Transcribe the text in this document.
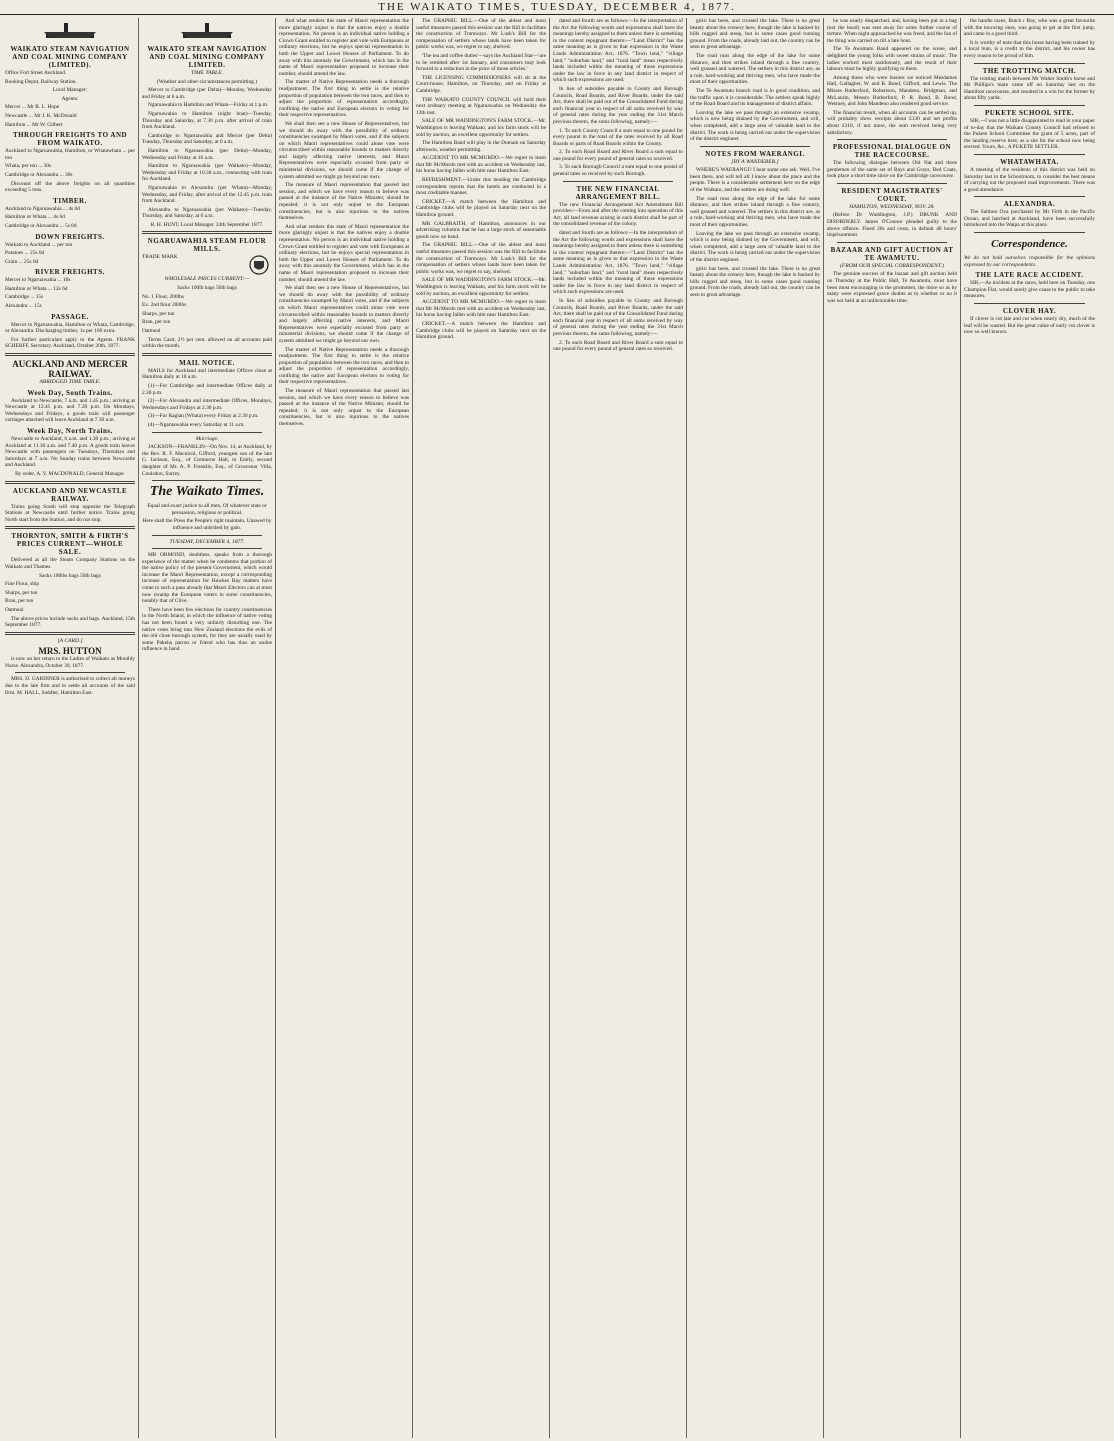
THE WAIKATO TIMES, TUESDAY, DECEMBER 4, 1877.
WAIKATO STEAM NAVIGATION AND COAL MINING COMPANY (LIMITED).

Office Fort Street Auckland.

Booking Depot, Railway Station.

Local Manager:

Agents:

Mercer ... Mr R. L. Hope

Newcastle ... Mr J. K. McDonald

Hamilton ... Mr W. Gilbert

THROUGH FREIGHTS TO AND FROM WAIKATO.

Auckland to Ngaruawahia, Hamilton, or Whatawhata ... per ton

Whata, per ton ... 30s

Cambridge or Alexandra ... 30s

Discount off the above freights on all quantities exceeding 5 tons.

TIMBER.

Auckland to Ngaruawahia ... 4s 0d

Hamilton or Whata ... 4s 6d

Cambridge or Alexandra ... 5s 0d

DOWN FREIGHTS.

Waikato to Auckland ... per ton

Potatoes ... 25s 0d

Grain ... 25s 0d

RIVER FREIGHTS.

Mercer to Ngaruawahia ... 10s

Hamilton or Whata ... 12s 6d

Cambridge ... 15s

Alexandra ... 15s

PASSAGE.

Mercer to Ngaruawahia, Hamilton or Whata, Cambridge, or Alexandra. Discharging timber, 1s per 100 extra.

For further particulars apply to the Agents. FRANK SCHERFF, Secretary. Auckland, October 20th, 1877.

AUCKLAND AND MERCER RAILWAY.
ABRIDGED TIME TABLE.
Week Day, South Trains.

Auckland to Newcastle, 7 a.m. and 1.45 p.m.; arriving at Newcastle at 12.45 p.m. and 7.20 p.m. On Mondays, Wednesdays and Fridays, a goods train will passenger carriages attached will leave Auckland at 7.30 a.m.

Week Day, North Trains.

Newcastle to Auckland, 6 a.m. and 1.30 p.m.; arriving at Auckland at 11.30 a.m. and 7.40 p.m. A goods train leaves Newcastle with passengers on Tuesdays, Thursdays and Saturdays at 7 a.m. No Sunday trains between Newcastle and Auckland.

By order, A. Y. MACDONALD, General Manager.

AUCKLAND AND NEWCASTLE RAILWAY.

Trains going South will stop opposite the Telegraph Stations at Newcastle until further notice. Trains going North start from the Station, and do not stop.

THORNTON, SMITH & FIRTH'S PRICES CURRENT—WHOLE SALE.

Delivered at all the Steam Company Stations on the Waikato and Thames.

Sacks 100lbs bags 50lb bags

Fine Flour, ship

Sharps, per ton

Bran, per ton

Oatmeal

The above prices include sacks and bags. Auckland, 15th September 1877.

[A CARD.]
MRS. HUTTON

is now on her return to the Ladies of Waikato as Monthly Nurse. Alexandra, October 30, 1877.

MRS. D. GARDINER is authorised to collect all moneys due to the late firm and to settle all accounts of the said firm. M. HALL, Saddler, Hamilton East.

WAIKATO STEAM NAVIGATION AND COAL MINING COMPANY LIMITED.
TIME TABLE.

(Weather and other circumstances permitting.)

Mercer to Cambridge (per Delta)—Monday, Wednesday and Friday at 6 a.m.

Ngaruawahia to Hamilton and Whata—Friday at 1 p.m.

Ngaruawahia to Hamilton (night boat)—Tuesday, Thursday and Saturday, at 7.30 p.m. after arrival of train from Auckland.

Cambridge to Ngaruawahia and Mercer (per Delta) Tuesday, Thursday and Saturday, at 6 a.m.

Hamilton to Ngaruawahia (per Delta)—Monday, Wednesday and Friday at 10 a.m.

Hamilton to Ngaruawahia (per Waikato)—Monday, Wednesday and Friday at 10.30 a.m., connecting with train for Auckland.

Ngaruawahia to Alexandra (per Whata)—Monday, Wednesday, and Friday, after arrival of the 12.45 p.m. train from Auckland.

Alexandra to Ngaruawahia (per Waikato)—Tuesday, Thursday, and Saturday, at 6 a.m.

R. H. HUNT, Local Manager. 24th September 1877.

NGARUAWAHIA STEAM FLOUR MILLS.
TRADE MARK
WHOLESALE PRICES CURRENT:—

Sacks 100lb bags 50lb bags

No. 1 Flour, 200lbs

Ex. 2nd flour 200lbs

Sharps, per ton

Bran, per ton

Oatmeal

Terms Cash; 2½ per cent. allowed on all accounts paid within the month.

MAIL NOTICE.

MAILS for Auckland and intermediate Offices close at Hamilton daily at 10 a.m.

(1)—For Cambridge and intermediate Offices daily at 2.30 p.m.

(2)—For Alexandra and intermediate Offices, Mondays, Wednesdays and Fridays at 2.30 p.m.

(3)—For Raglan (Whata) every Friday at 2.30 p.m.

(4)—Ngaruawahia every Saturday at 11 a.m.

Marriage.

JACKSON—FRANKLIN—On Nov. 14, at Auckland, by the Rev. R. F. Macnicol, Gifford, youngest son of the late G. Jackson, Esq., of Cremorne Hall, to Emily, second daughter of Mr. A. P. Franklin, Esq., of Grosvenor Villa, Coulsdon, Surrey.

The Waikato Times.

Equal and exact justice to all men, Of whatever state or persuasion, religious or political.

Here shall the Press the People's right maintain, Unawed by influence and unbribed by gain.

TUESDAY, DECEMBER 4, 1877.

MR ORMOND, doubtless, speaks from a thorough experience of the matter when he condemns that portion of the native policy of the present Government, which would increase the Maori Representation, except a corresponding increase of representation for Hawkes Bay matters have come to such a pass already that Maori Electors can at most now swamp the European voters in some constituencies, notably that of Clive.

There have been few elections for country constituencies in the North Island, in which the influence of native voting has not been found a very unfairly disturbing one. The native votes bring into New Zealand elections the evils of the old close borough system, for they are usually used by some Pakeha patron or friend who has thus an undue influence in hand.

And what renders this state of Maori representation the more glaringly unjust is that the natives enjoy a double representation. No person is an individual native holding a Crown Grant entitled to register and vote with Europeans at ordinary elections, but he enjoys special representation in both the Upper and Lower Houses of Parliament. To do away with this anomaly the Government, which has in the name of Maori representation proposed to increase their number, should amend the law.

The matter of Native Representation needs a thorough readjustment. The first thing to settle is the relative proportion of population between the two races, and then to adjust the proportion of representation accordingly, confining the native and European electors to voting for their respective representatives.

We shall then see a new House of Representatives, but we should do away with the possibility of ordinary constituencies swamped by Maori votes, and if the subjects on which Maori representatives could alone vote were circumscribed within reasonable bounds to matters directly and largely affecting native interests, and Maori Representatives were especially excused from party or ministerial divisions, we should come if the change of system admitted we might go beyond our own.

The measure of Maori representation that passed last session, and which we have every reason to believe was passed at the instance of the Native Minister, should be repealed; it is not only unjust to the European constituencies, but is also injurious to the natives themselves.

And what renders this state of Maori representation the more glaringly unjust is that the natives enjoy a double representation. No person is an individual native holding a Crown Grant entitled to register and vote with Europeans at ordinary elections, but he enjoys special representation in both the Upper and Lower Houses of Parliament. To do away with this anomaly the Government, which has in the name of Maori representation proposed to increase their number, should amend the law.

We shall then see a new House of Representatives, but we should do away with the possibility of ordinary constituencies swamped by Maori votes, and if the subjects on which Maori representatives could alone vote were circumscribed within reasonable bounds to matters directly and largely affecting native interests, and Maori Representatives were especially excused from party or ministerial divisions, we should come if the change of system admitted we might go beyond our own.

The matter of Native Representation needs a thorough readjustment. The first thing to settle is the relative proportion of population between the two races, and then to adjust the proportion of representation accordingly, confining the native and European electors to voting for their respective representatives.

The measure of Maori representation that passed last session, and which we have every reason to believe was passed at the instance of the Native Minister, should be repealed; it is not only unjust to the European constituencies, but is also injurious to the natives themselves.

The GRAPHIC BILL.—One of the ablest and most useful measures passed this session was the Bill to facilitate the construction of Tramways. Mr Lusk's Bill for the compensation of settlers whose lands have been taken for public works was, we regret to say, shelved.

'The tea and coffee duties'—says the Auckland Star—'are to be remitted after 1st January, and consumers may look forward to a reduction in the price of those articles.'

THE LICENSING COMMISSIONERS will sit at the Court-house, Hamilton, on Thursday, and on Friday at Cambridge.

THE WAIKATO COUNTY COUNCIL will hold their next ordinary meeting at Ngaruawahia on Wednesday the 12th inst.

SALE OF MR WADDINGTON'S FARM STOCK.—Mr. Waddington is leaving Waikato, and his farm stock will be sold by auction, an excellent opportunity for settlers.

The Hamilton Band will play in the Domain on Saturday afternoon, weather permitting.

ACCIDENT TO MR MCMURDO.—We regret to learn that Mr McMurdo met with an accident on Wednesday last, his horse having fallen with him near Hamilton East.

REFRESHMENT.—Under this heading the Cambridge correspondent reports that the hotels are conducted in a most creditable manner.

CRICKET.—A match between the Hamilton and Cambridge clubs will be played on Saturday next on the Hamilton ground.

MR GALBRAITH, of Hamilton, announces in our advertising columns that he has a large stock of seasonable goods now on hand.

The GRAPHIC BILL.—One of the ablest and most useful measures passed this session was the Bill to facilitate the construction of Tramways. Mr Lusk's Bill for the compensation of settlers whose lands have been taken for public works was, we regret to say, shelved.

SALE OF MR WADDINGTON'S FARM STOCK.—Mr. Waddington is leaving Waikato, and his farm stock will be sold by auction, an excellent opportunity for settlers.

ACCIDENT TO MR MCMURDO.—We regret to learn that Mr McMurdo met with an accident on Wednesday last, his horse having fallen with him near Hamilton East.

CRICKET.—A match between the Hamilton and Cambridge clubs will be played on Saturday next on the Hamilton ground.

dated and fourth are as follows:—In the interpretation of the Act the following words and expressions shall have the meanings hereby assigned to them unless there is something in the context repugnant thereto:—"Land District" has the same meaning as is given to that expression in the Waste Lands Administration Act, 1876. "Town land," "village land," "suburban land," and "rural land" mean respectively lands included within the meaning of those expressions under the law in force in any land district in respect of which such expressions are used.

In lieu of subsidies payable to County and Borough Councils, Road Boards, and River Boards, under the said Act, there shall be paid out of the Consolidated Fund during each financial year in respect of all sums received by way of general rates during the year ending the 31st March previous thereto, the sums following, namely:—

1. To each County Council a sum equal to one pound for every pound in the total of the rates received by all Road Boards or parts of Road Boards within the County.

2. To each Road Board and River Board a sum equal to one pound for every pound of general rates so received.

3. To each Borough Council a sum equal to one pound of general rates so received by such Borough.

THE NEW FINANCIAL ARRANGEMENT BILL.

The new Financial Arrangement Act Amendment Bill provides:—From and after the coming into operation of this Act, all land revenue arising in each district shall be part of the consolidated revenue of the colony.

dated and fourth are as follows:—In the interpretation of the Act the following words and expressions shall have the meanings hereby assigned to them unless there is something in the context repugnant thereto:—"Land District" has the same meaning as is given to that expression in the Waste Lands Administration Act, 1876. "Town land," "village land," "suburban land," and "rural land" mean respectively lands included within the meaning of those expressions under the law in force in any land district in respect of which such expressions are used.

In lieu of subsidies payable to County and Borough Councils, Road Boards, and River Boards, under the said Act, there shall be paid out of the Consolidated Fund during each financial year in respect of all sums received by way of general rates during the year ending the 31st March previous thereto, the sums following, namely:—

2. To each Road Board and River Board a sum equal to one pound for every pound of general rates so received.

giriri has been, and crossed the lake. There is no great beauty about the scenery here, though the lake is backed by hills rugged and steep, but in some cases good running ground. From the roads, already laid out, the country can be seen to great advantage.

The road runs along the edge of the lake for some distance, and then strikes inland through a fine country, well grassed and watered. The settlers in this district are, as a rule, hard-working and thriving men, who have made the most of their opportunities.

The Te Awamutu branch road is in good condition, and the traffic upon it is considerable. The settlers speak highly of the Road Board and its management of district affairs.

Leaving the lake we pass through an extensive swamp, which is now being drained by the Government, and will, when completed, add a large area of valuable land to the district. The work is being carried out under the supervision of the district engineer.

NOTES FROM WAERANGI.
[BY A WANDERER.]

WHERE'S WAERANGI? I hear some one ask. Well, I've been there, and will tell all I know about the place and the people. There is a considerable settlement here on the edge of the Waikato, and the settlers are doing well.

The road runs along the edge of the lake for some distance, and then strikes inland through a fine country, well grassed and watered. The settlers in this district are, as a rule, hard-working and thriving men, who have made the most of their opportunities.

Leaving the lake we pass through an extensive swamp, which is now being drained by the Government, and will, when completed, add a large area of valuable land to the district. The work is being carried out under the supervision of the district engineer.

giriri has been, and crossed the lake. There is no great beauty about the scenery here, though the lake is backed by hills rugged and steep, but in some cases good running ground. From the roads, already laid out, the country can be seen to great advantage.

he was nearly despatched, and, having been put in a bag (not the hood) was sent away for some further course of torture. When night approached he was freed, and the fun of the thing was carried on till a late hour.

The Te Awamutu Band appeared on the scene, and delighted the young folks with sweet strains of music. The ladies worked most assiduously, and the result of their labours must be highly gratifying to them.

Among those who were busiest we noticed Mesdames Hall, Gallagher, W. and B. Bond, Gifford, and Lewis. The Misses Rutherford, Robertson, Mandeno, Bridgman, and McLaurin, Messrs Rutherford, P. R. Bond, B. Bond, Westney, and John Mandeno also rendered good service.

The financial result, when all accounts can be settled up, will probably show receipts about £130 and net profits about £110, if not more, the sum received being very satisfactory.

PROFESSIONAL DIALOGUE ON THE RACECOURSE.

The following dialogue between Old Nat and three gentlemen of the same set of Bays and Grays, Red Coats, took place a short time since on the Cambridge racecourse.

RESIDENT MAGISTRATES' COURT.
HAMILTON, WEDNESDAY, NOV. 28.

(Before Dr Waddington, J.P.) DRUNK AND DISORDERLY. James O'Connor pleaded guilty to the above offence. Fined 20s and costs, in default 48 hours' imprisonment.

BAZAAR AND GIFT AUCTION AT TE AWAMUTU.
(FROM OUR SPECIAL CORRESPONDENT.)

The genuine success of the bazaar and gift auction held on Thursday at the Public Hall, Te Awamutu, must have been most encouraging to the promoters, the more so as by many were expressed grave doubts as to whether or no it was not held at an unfavourable time.

the handle races, Butch r Boy, who was a great favourite with the knowing ones, was going to get at the first jump, and came in a good third.

It is worthy of note that this horse having been trained by a local man, is a credit to the district, and his owner has every reason to be proud of him.

THE TROTTING MATCH.

The trotting match between Mr Walter Smith's horse and Mr Phillips's mare came off on Saturday last on the Hamilton racecourse, and resulted in a win for the former by about fifty yards.

PUKETE SCHOOL SITE.

SIR,—I was not a little disappointed to read in your paper of to-day that the Waikato County Council had refused to the Pukete School Committee the grant of 5 acres, part of the landing reserve here, as a site for the school now being erected. Yours, &c., A PUKETE SETTLER.

WHATAWHATA.

A meeting of the residents of this district was held on Saturday last in the Schoolroom, to consider the best means of carrying out the proposed road improvements. There was a good attendance.

ALEXANDRA.

The Salmon Ova purchased by Mr Firth in the Pacific Ocean, and hatched at Auckland, have been successfully introduced into the Waipa at this place.

Correspondence.

We do not hold ourselves responsible for the opinions expressed by our correspondents.

THE LATE RACE ACCIDENT.

SIR,—As incident at the races, held here on Tuesday, one Champion Flat, would surely give cause to the public to take measures.

CLOVER HAY.

If clover is cut late and cut when nearly dry, much of the leaf will be wasted. But the great value of early cut clover is now so well known.
